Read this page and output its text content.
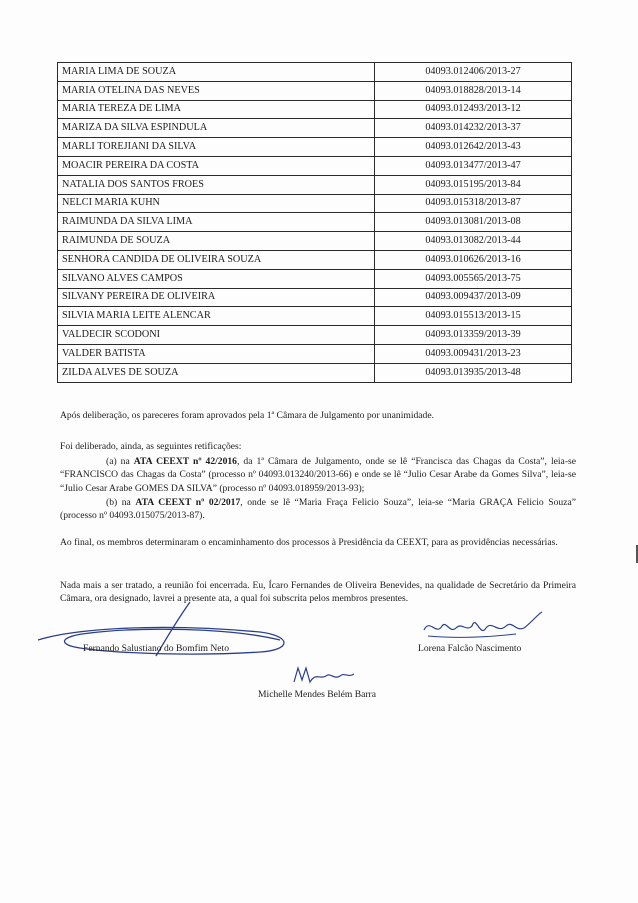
MARIA LIMA DE SOUZA	04093.012406/2013-27
MARIA OTELINA DAS NEVES	04093.018828/2013-14
MARIA TEREZA DE LIMA	04093.012493/2013-12
MARIZA DA SILVA ESPINDULA	04093.014232/2013-37
MARLI TOREJIANI DA SILVA	04093.012642/2013-43
MOACIR PEREIRA DA COSTA	04093.013477/2013-47
NATALIA DOS SANTOS FROES	04093.015195/2013-84
NELCI MARIA KUHN	04093.015318/2013-87
RAIMUNDA DA SILVA LIMA	04093.013081/2013-08
RAIMUNDA DE SOUZA	04093.013082/2013-44
SENHORA CANDIDA DE OLIVEIRA SOUZA	04093.010626/2013-16
SILVANO ALVES CAMPOS	04093.005565/2013-75
SILVANY PEREIRA DE OLIVEIRA	04093.009437/2013-09
SILVIA MARIA LEITE ALENCAR	04093.015513/2013-15
VALDECIR SCODONI	04093.013359/2013-39
VALDER BATISTA	04093.009431/2013-23
ZILDA ALVES DE SOUZA	04093.013935/2013-48
Após deliberação, os pareceres foram aprovados pela 1ª Câmara de Julgamento por unanimidade.
Foi deliberado, ainda, as seguintes retificações:
(a) na ATA CEEXT nº 42/2016, da 1ª Câmara de Julgamento, onde se lê “Francisca das Chagas da Costa”, leia-se “FRANCISCO das Chagas da Costa” (processo nº 04093.013240/2013-66) e onde se lê “Julio Cesar Arabe da Gomes Silva”, leia-se “Julio Cesar Arabe GOMES DA SILVA” (processo nº 04093.018959/2013-93);
(b) na ATA CEEXT nº 02/2017, onde se lê “Maria Fraça Felicio Souza”, leia-se “Maria GRAÇA Felicio Souza” (processo nº 04093.015075/2013-87).
Ao final, os membros determinaram o encaminhamento dos processos à Presidência da CEEXT, para as providências necessárias.
Nada mais a ser tratado, a reunião foi encerrada. Eu, Ícaro Fernandes de Oliveira Benevides, na qualidade de Secretário da Primeira Câmara, ora designado, lavrei a presente ata, a qual foi subscrita pelos membros presentes.
Fernando Salustiano do Bomfim Neto	Lorena Falcão Nascimento
Michelle Mendes Belém Barra
